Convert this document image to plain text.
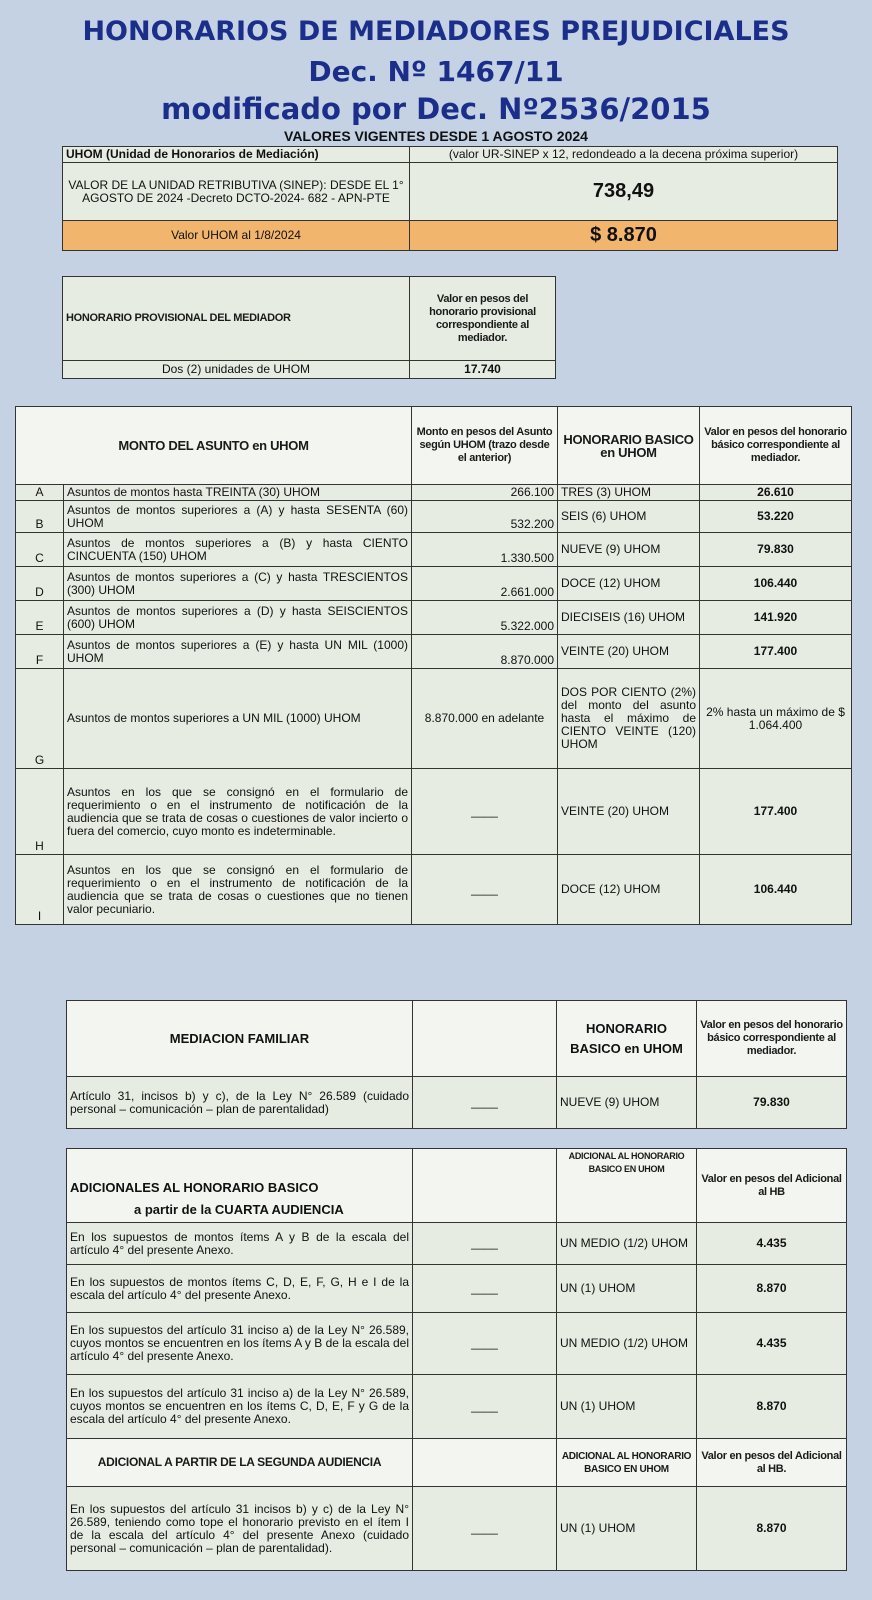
HONORARIOS DE MEDIADORES PREJUDICIALES
Dec. Nº 1467/11
modificado por Dec. Nº2536/2015
VALORES VIGENTES DESDE 1 AGOSTO 2024
UHOM (Unidad de Honorarios de Mediación)	(valor UR-SINEP x 12, redondeado a la decena próxima superior)
VALOR DE LA UNIDAD RETRIBUTIVA (SINEP): DESDE EL 1° AGOSTO DE 2024 -Decreto DCTO-2024- 682 - APN-PTE	738,49
Valor UHOM al 1/8/2024	$ 8.870
HONORARIO PROVISIONAL DEL MEDIADOR	Valor en pesos del honorario provisional correspondiente al mediador.
Dos (2) unidades de UHOM	17.740
MONTO DEL ASUNTO en UHOM		Monto en pesos del Asunto según UHOM (trazo desde el anterior)	HONORARIO BASICO en UHOM	Valor en pesos del honorario básico correspondiente al mediador.
A	Asuntos de montos hasta TREINTA (30) UHOM	266.100	TRES (3) UHOM	26.610
B	Asuntos de montos superiores a (A) y hasta SESENTA (60) UHOM	532.200	SEIS (6) UHOM	53.220
C	Asuntos de montos superiores a (B) y hasta CIENTO CINCUENTA (150) UHOM	1.330.500	NUEVE (9) UHOM	79.830
D	Asuntos de montos superiores a (C) y hasta TRESCIENTOS (300) UHOM	2.661.000	DOCE (12) UHOM	106.440
E	Asuntos de montos superiores a (D) y hasta SEISCIENTOS (600) UHOM	5.322.000	DIECISEIS (16) UHOM	141.920
F	Asuntos de montos superiores a (E) y hasta UN MIL (1000) UHOM	8.870.000	VEINTE (20) UHOM	177.400
G	Asuntos de montos superiores a UN MIL (1000) UHOM	8.870.000 en adelante	DOS POR CIENTO (2%) del monto del asunto hasta el máximo de CIENTO VEINTE (120) UHOM	2% hasta un máximo de $ 1.064.400
H	Asuntos en los que se consignó en el formulario de requerimiento o en el instrumento de notificación de la audiencia que se trata de cosas o cuestiones de valor incierto o fuera del comercio, cuyo monto es indeterminable.	____	VEINTE (20) UHOM	177.400
I	Asuntos en los que se consignó en el formulario de requerimiento o en el instrumento de notificación de la audiencia que se trata de cosas o cuestiones que no tienen valor pecuniario.	____	DOCE (12) UHOM	106.440
MEDIACION FAMILIAR		HONORARIO BASICO en UHOM	Valor en pesos del honorario básico correspondiente al mediador.
Artículo 31, incisos b) y c), de la Ley N° 26.589 (cuidado personal – comunicación – plan de parentalidad)	____	NUEVE (9) UHOM	79.830
ADICIONALES AL HONORARIO BASICO
a partir de la CUARTA AUDIENCIA		ADICIONAL AL HONORARIO BASICO EN UHOM	Valor en pesos del Adicional al HB
En los supuestos de montos ítems A y B de la escala del artículo 4° del presente Anexo.	____	UN MEDIO (1/2) UHOM	4.435
En los supuestos de montos ítems C, D, E, F, G, H e I de la escala del artículo 4° del presente Anexo.	____	UN (1) UHOM	8.870
En los supuestos del artículo 31 inciso a) de la Ley N° 26.589, cuyos montos se encuentren en los ítems A y B de la escala del artículo 4° del presente Anexo.	____	UN MEDIO (1/2) UHOM	4.435
En los supuestos del artículo 31 inciso a) de la Ley N° 26.589, cuyos montos se encuentren en los ítems C, D, E, F y G de la escala del artículo 4° del presente Anexo.	____	UN (1) UHOM	8.870
ADICIONAL A PARTIR DE LA SEGUNDA AUDIENCIA		ADICIONAL AL HONORARIO BASICO EN UHOM	Valor en pesos del Adicional al HB.
En los supuestos del artículo 31 incisos b) y c) de la Ley N° 26.589, teniendo como tope el honorario previsto en el ítem I de la escala del artículo 4° del presente Anexo (cuidado personal – comunicación – plan de parentalidad).	____	UN (1) UHOM	8.870
